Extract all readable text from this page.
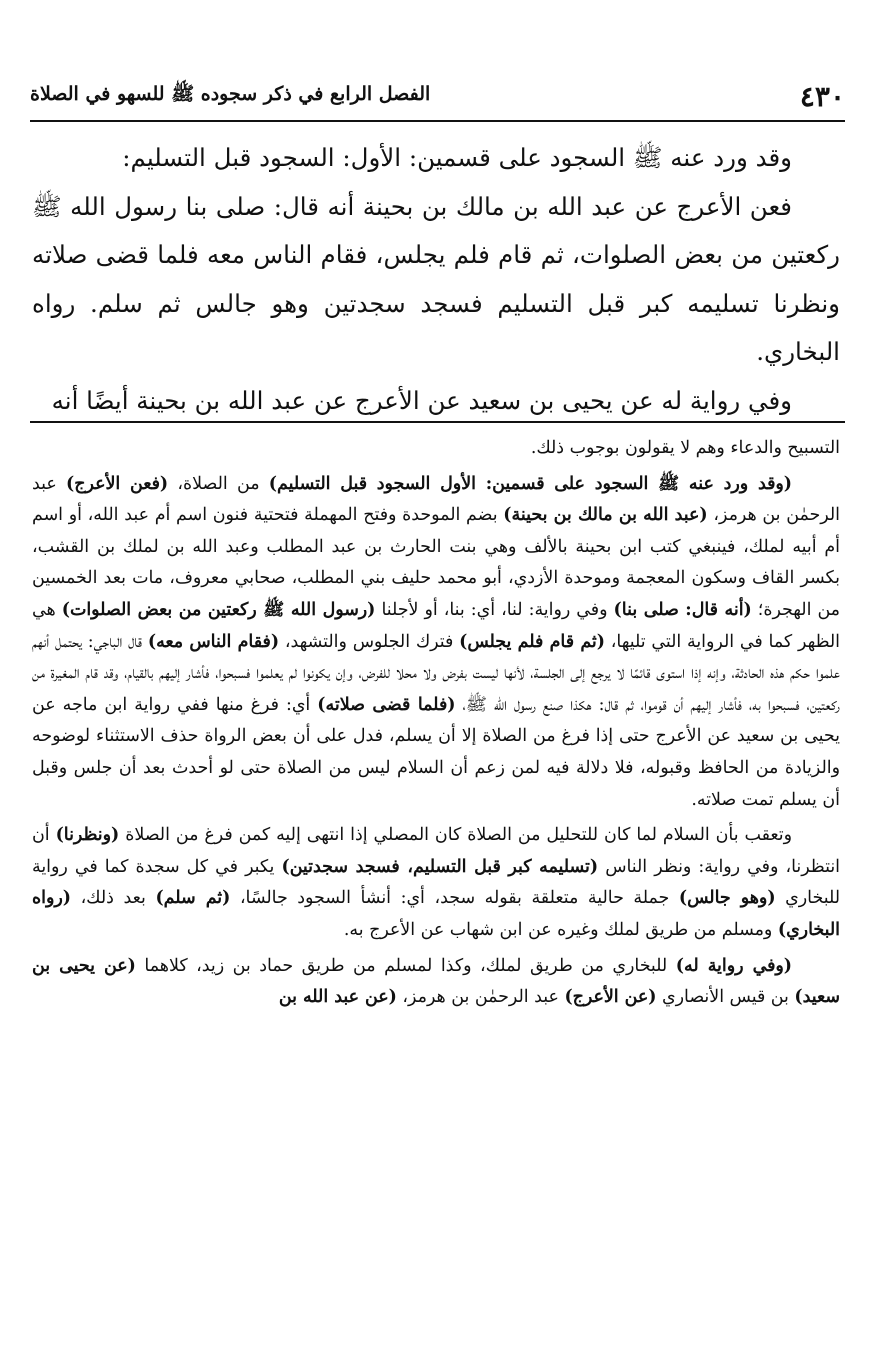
٤٣٠
الفصل الرابع في ذكر سجوده ﷺ للسهو في الصلاة

وقد ورد عنه ﷺ السجود على قسمين: الأول: السجود قبل التسليم:

فعن الأعرج عن عبد الله بن مالك بن بحينة أنه قال: صلى بنا رسول الله ﷺ ركعتين من بعض الصلوات، ثم قام فلم يجلس، فقام الناس معه فلما قضى صلاته ونظرنا تسليمه كبر قبل التسليم فسجد سجدتين وهو جالس ثم سلم. رواه البخاري.

وفي رواية له عن يحيى بن سعيد عن الأعرج عن عبد الله بن بحينة أيضًا أنه

التسبيح والدعاء وهم لا يقولون بوجوب ذلك.

(وقد ورد عنه ﷺ السجود على قسمين: الأول السجود قبل التسليم) من الصلاة، (فعن الأعرج) عبد الرحمٰن بن هرمز، (عبد الله بن مالك بن بحينة) بضم الموحدة وفتح المهملة فتحتية فنون اسم أم عبد الله، أو اسم أم أبيه لملك، فينبغي كتب ابن بحينة بالألف وهي بنت الحارث بن عبد المطلب وعبد الله بن لملك بن القشب، بكسر القاف وسكون المعجمة وموحدة الأزدي، أبو محمد حليف بني المطلب، صحابي معروف، مات بعد الخمسين من الهجرة؛ (أنه قال: صلى بنا) وفي رواية: لنا، أي: بنا، أو لأجلنا (رسول الله ﷺ ركعتين من بعض الصلوات) هي الظهر كما في الرواية التي تليها، (ثم قام فلم يجلس) فترك الجلوس والتشهد، (فقام الناس معه) قال الباجي: يحتمل أنهم علموا حكم هذه الحادثة، وإنه إذا استوى قائمًا لا يرجع إلى الجلسة، لأنها ليست بفرض ولا محلا للفرض، وإن يكونوا لم يعلموا فسبحوا، فأشار إليهم بالقيام، وقد قام المغيرة من ركعتين، فسبحوا به، فأشار إليهم أن قوموا، ثم قال: هكذا صنع رسول الله ﷺ، (فلما قضى صلاته) أي: فرغ منها ففي رواية ابن ماجه عن يحيى بن سعيد عن الأعرج حتى إذا فرغ من الصلاة إلا أن يسلم، فدل على أن بعض الرواة حذف الاستثناء لوضوحه والزيادة من الحافظ وقبوله، فلا دلالة فيه لمن زعم أن السلام ليس من الصلاة حتى لو أحدث بعد أن جلس وقبل أن يسلم تمت صلاته.

وتعقب بأن السلام لما كان للتحليل من الصلاة كان المصلي إذا انتهى إليه كمن فرغ من الصلاة (ونظرنا) أن انتظرنا، وفي رواية: ونظر الناس (تسليمه كبر قبل التسليم، فسجد سجدتين) يكبر في كل سجدة كما في رواية للبخاري (وهو جالس) جملة حالية متعلقة بقوله سجد، أي: أنشأ السجود جالسًا، (ثم سلم) بعد ذلك، (رواه البخاري) ومسلم من طريق لملك وغيره عن ابن شهاب عن الأعرج به.

(وفي رواية له) للبخاري من طريق لملك، وكذا لمسلم من طريق حماد بن زيد، كلاهما (عن يحيى بن سعيد) بن قيس الأنصاري (عن الأعرج) عبد الرحمٰن بن هرمز، (عن عبد الله بن
